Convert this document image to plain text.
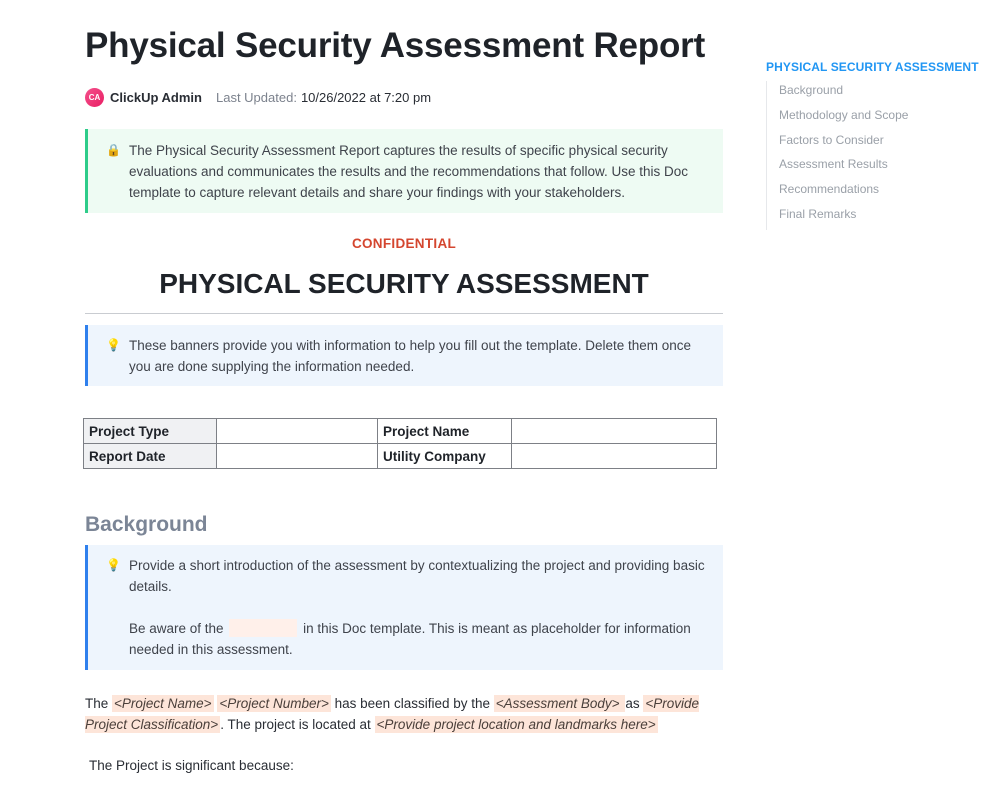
Physical Security Assessment Report
CA ClickUp Admin Last Updated: 10/26/2022 at 7:20 pm
🔒 The Physical Security Assessment Report captures the results of specific physical security evaluations and communicates the results and the recommendations that follow. Use this Doc template to capture relevant details and share your findings with your stakeholders.
CONFIDENTIAL
PHYSICAL SECURITY ASSESSMENT
💡 These banners provide you with information to help you fill out the template. Delete them once you are done supplying the information needed.
Project Type		Project Name	
Report Date		Utility Company	
Background
💡 Provide a short introduction of the assessment by contextualizing the project and providing basic details.

Be aware of the	in this Doc template. This is meant as placeholder for information needed in this assessment.

The <Project Name> <Project Number> has been classified by the <Assessment Body> as <Provide Project Classification> . The project is located at <Provide project location and landmarks here>
The Project is significant because:
PHYSICAL SECURITY ASSESSMENT
Background
Methodology and Scope
Factors to Consider
Assessment Results
Recommendations
Final Remarks
